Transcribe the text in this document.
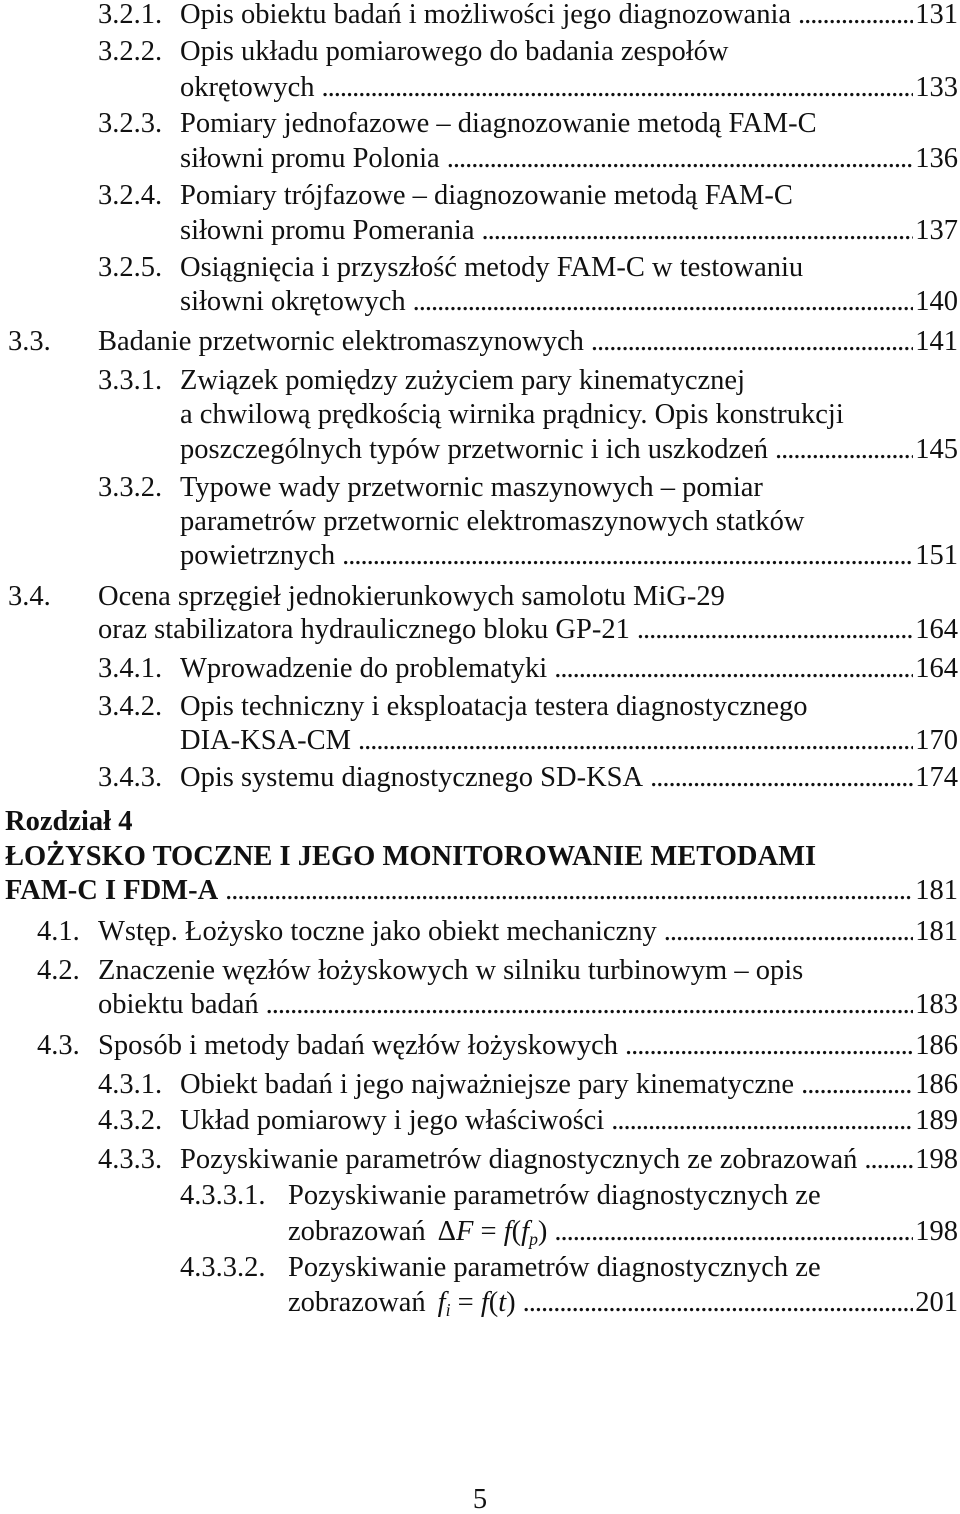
3.2.1. Opis obiektu badań i możliwości jego diagnozowania .....	131
3.2.2. Opis układu pomiarowego do badania zespołów
okrętowych .....	133
3.2.3. Pomiary jednofazowe – diagnozowanie metodą FAM-C
siłowni promu Polonia .....	136
3.2.4. Pomiary trójfazowe – diagnozowanie metodą FAM-C
siłowni promu Pomerania .....	137
3.2.5. Osiągnięcia i przyszłość metody FAM-C w testowaniu
siłowni okrętowych .....	140
3.3. Badanie przetwornic elektromaszynowych .....	141
3.3.1. Związek pomiędzy zużyciem pary kinematycznej
a chwilową prędkością wirnika prądnicy. Opis konstrukcji
poszczególnych typów przetwornic i ich uszkodzeń .....	145
3.3.2. Typowe wady przetwornic maszynowych – pomiar
parametrów przetwornic elektromaszynowych statków
powietrznych .....	151
3.4. Ocena sprzęgieł jednokierunkowych samolotu MiG-29
oraz stabilizatora hydraulicznego bloku GP-21 .....	164
3.4.1. Wprowadzenie do problematyki .....	164
3.4.2. Opis techniczny i eksploatacja testera diagnostycznego
DIA-KSA-CM .....	170
3.4.3. Opis systemu diagnostycznego SD-KSA .....	174
Rozdział 4
ŁOŻYSKO TOCZNE I JEGO MONITOROWANIE METODAMI
FAM-C I FDM-A .....	181
4.1. Wstęp. Łożysko toczne jako obiekt mechaniczny .....	181
4.2. Znaczenie węzłów łożyskowych w silniku turbinowym – opis
obiektu badań .....	183
4.3. Sposób i metody badań węzłów łożyskowych .....	186
4.3.1. Obiekt badań i jego najważniejsze pary kinematyczne .....	186
4.3.2. Układ pomiarowy i jego właściwości .....	189
4.3.3. Pozyskiwanie parametrów diagnostycznych ze zobrazowań ..... 198
4.3.3.1. Pozyskiwanie parametrów diagnostycznych ze
zobrazowań $\Delta F = f(f_p)$ .....	198
4.3.3.2. Pozyskiwanie parametrów diagnostycznych ze
zobrazowań $f_i = f(t)$ .....	201
5
